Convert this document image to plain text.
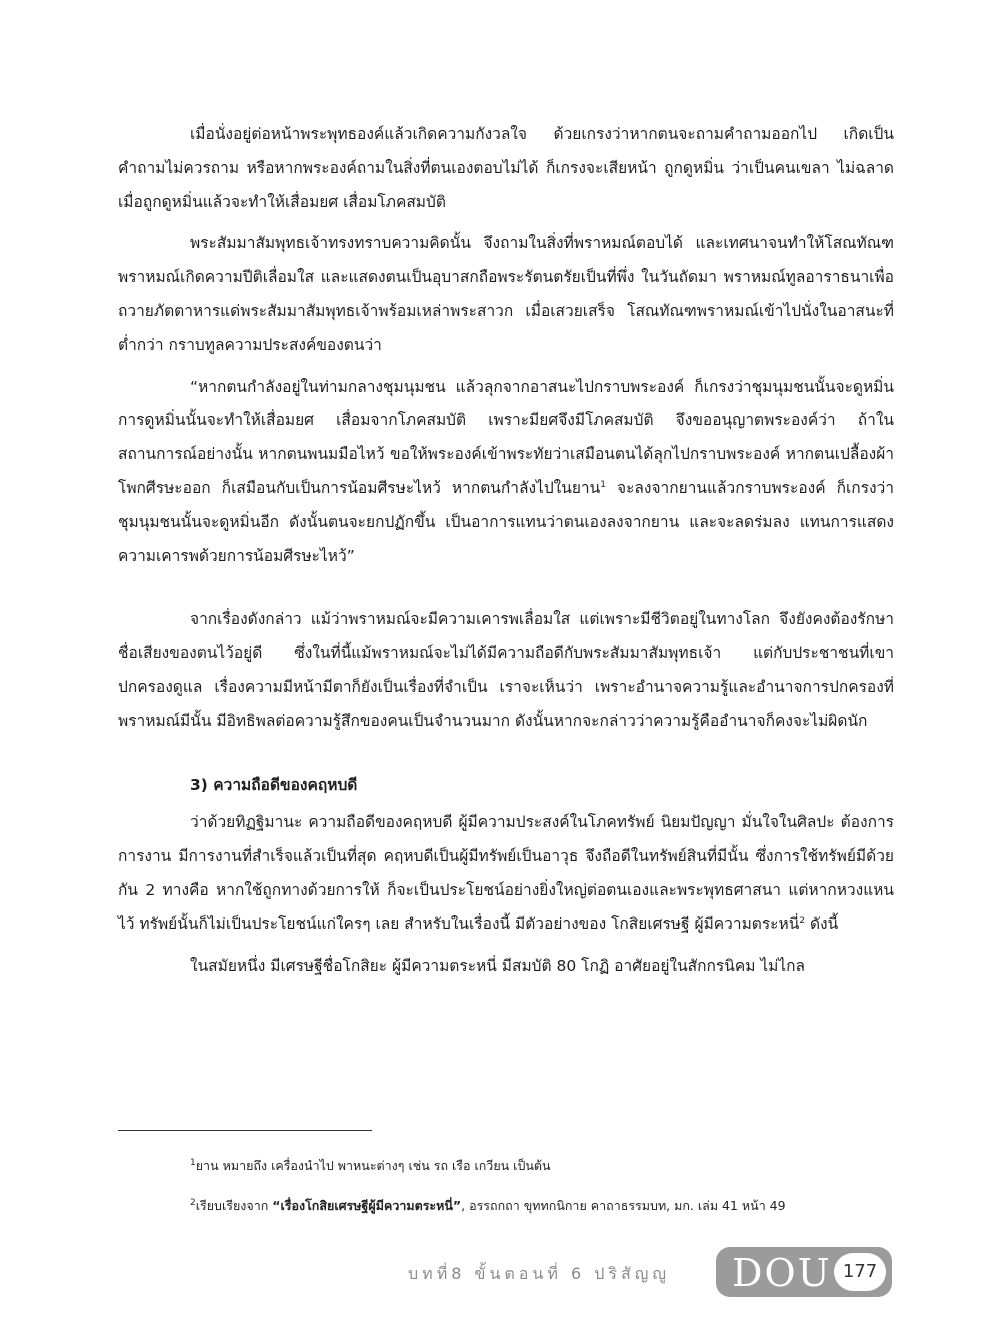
เมื่อนั่งอยู่ต่อหน้าพระพุทธองค์แล้วเกิดความกังวลใจ ด้วยเกรงว่าหากตนจะถามคำถามออกไป เกิดเป็นคำถามไม่ควรถาม หรือหากพระองค์ถามในสิ่งที่ตนเองตอบไม่ได้ ก็เกรงจะเสียหน้า ถูกดูหมิ่น ว่าเป็นคนเขลา ไม่ฉลาด เมื่อถูกดูหมิ่นแล้วจะทำให้เสื่อมยศ เสื่อมโภคสมบัติ

พระสัมมาสัมพุทธเจ้าทรงทราบความคิดนั้น จึงถามในสิ่งที่พราหมณ์ตอบได้ และเทศนาจนทำให้โสณทัณฑพราหมณ์เกิดความปีติเลื่อมใส และแสดงตนเป็นอุบาสกถือพระรัตนตรัยเป็นที่พึ่ง ในวันถัดมา พราหมณ์ทูลอาราธนาเพื่อถวายภัตตาหารแด่พระสัมมาสัมพุทธเจ้าพร้อมเหล่าพระสาวก เมื่อเสวยเสร็จ โสณทัณฑพราหมณ์เข้าไปนั่งในอาสนะที่ต่ำกว่า กราบทูลความประสงค์ของตนว่า

“หากตนกำลังอยู่ในท่ามกลางชุมนุมชน แล้วลุกจากอาสนะไปกราบพระองค์ ก็เกรงว่าชุมนุมชนนั้นจะดูหมิ่น การดูหมิ่นนั้นจะทำให้เสื่อมยศ เสื่อมจากโภคสมบัติ เพราะมียศจึงมีโภคสมบัติ จึงขออนุญาตพระองค์ว่า ถ้าในสถานการณ์อย่างนั้น หากตนพนมมือไหว้ ขอให้พระองค์เข้าพระทัยว่าเสมือนตนได้ลุกไปกราบพระองค์ หากตนเปลื้องผ้าโพกศีรษะออก ก็เสมือนกับเป็นการน้อมศีรษะไหว้ หากตนกำลังไปในยาน$^1$ จะลงจากยานแล้วกราบพระองค์ ก็เกรงว่าชุมนุมชนนั้นจะดูหมิ่นอีก ดังนั้นตนจะยกปฏักขึ้น เป็นอาการแทนว่าตนเองลงจากยาน และจะลดร่มลง แทนการแสดงความเคารพด้วยการน้อมศีรษะไหว้”

จากเรื่องดังกล่าว แม้ว่าพราหมณ์จะมีความเคารพเลื่อมใส แต่เพราะมีชีวิตอยู่ในทางโลก จึงยังคงต้องรักษาชื่อเสียงของตนไว้อยู่ดี ซึ่งในที่นี้แม้พราหมณ์จะไม่ได้มีความถือดีกับพระสัมมาสัมพุทธเจ้า แต่กับประชาชนที่เขาปกครองดูแล เรื่องความมีหน้ามีตาก็ยังเป็นเรื่องที่จำเป็น เราจะเห็นว่า เพราะอำนาจความรู้และอำนาจการปกครองที่พราหมณ์มีนั้น มีอิทธิพลต่อความรู้สึกของคนเป็นจำนวนมาก ดังนั้นหากจะกล่าวว่าความรู้คืออำนาจก็คงจะไม่ผิดนัก

3) ความถือดีของคฤหบดี

ว่าด้วยทิฏฐิมานะ ความถือดีของคฤหบดี ผู้มีความประสงค์ในโภคทรัพย์ นิยมปัญญา มั่นใจในศิลปะ ต้องการการงาน มีการงานที่สำเร็จแล้วเป็นที่สุด คฤหบดีเป็นผู้มีทรัพย์เป็นอาวุธ จึงถือดีในทรัพย์สินที่มีนั้น ซึ่งการใช้ทรัพย์มีด้วยกัน 2 ทางคือ หากใช้ถูกทางด้วยการให้ ก็จะเป็นประโยชน์อย่างยิ่งใหญ่ต่อตนเองและพระพุทธศาสนา แต่หากหวงแหนไว้ ทรัพย์นั้นก็ไม่เป็นประโยชน์แก่ใครๆ เลย สำหรับในเรื่องนี้ มีตัวอย่างของ โกสิยเศรษฐี ผู้มีความตระหนี่$^2$ ดังนี้

ในสมัยหนึ่ง มีเศรษฐีชื่อโกสิยะ ผู้มีความตระหนี่ มีสมบัติ 80 โกฏิ อาศัยอยู่ในสักกรนิคม ไม่ไกล

$^1$ยาน หมายถึง เครื่องนำไป พาหนะต่างๆ เช่น รถ เรือ เกวียน เป็นต้น
$^2$เรียบเรียงจาก “เรื่องโกสิยเศรษฐีผู้มีความตระหนี่”, อรรถกถา ขุททกนิกาย คาถาธรรมบท, มก. เล่ม 41 หน้า 49
บทที่8 ขั้นตอนที่ 6 ปริสัญญู DOU 177
